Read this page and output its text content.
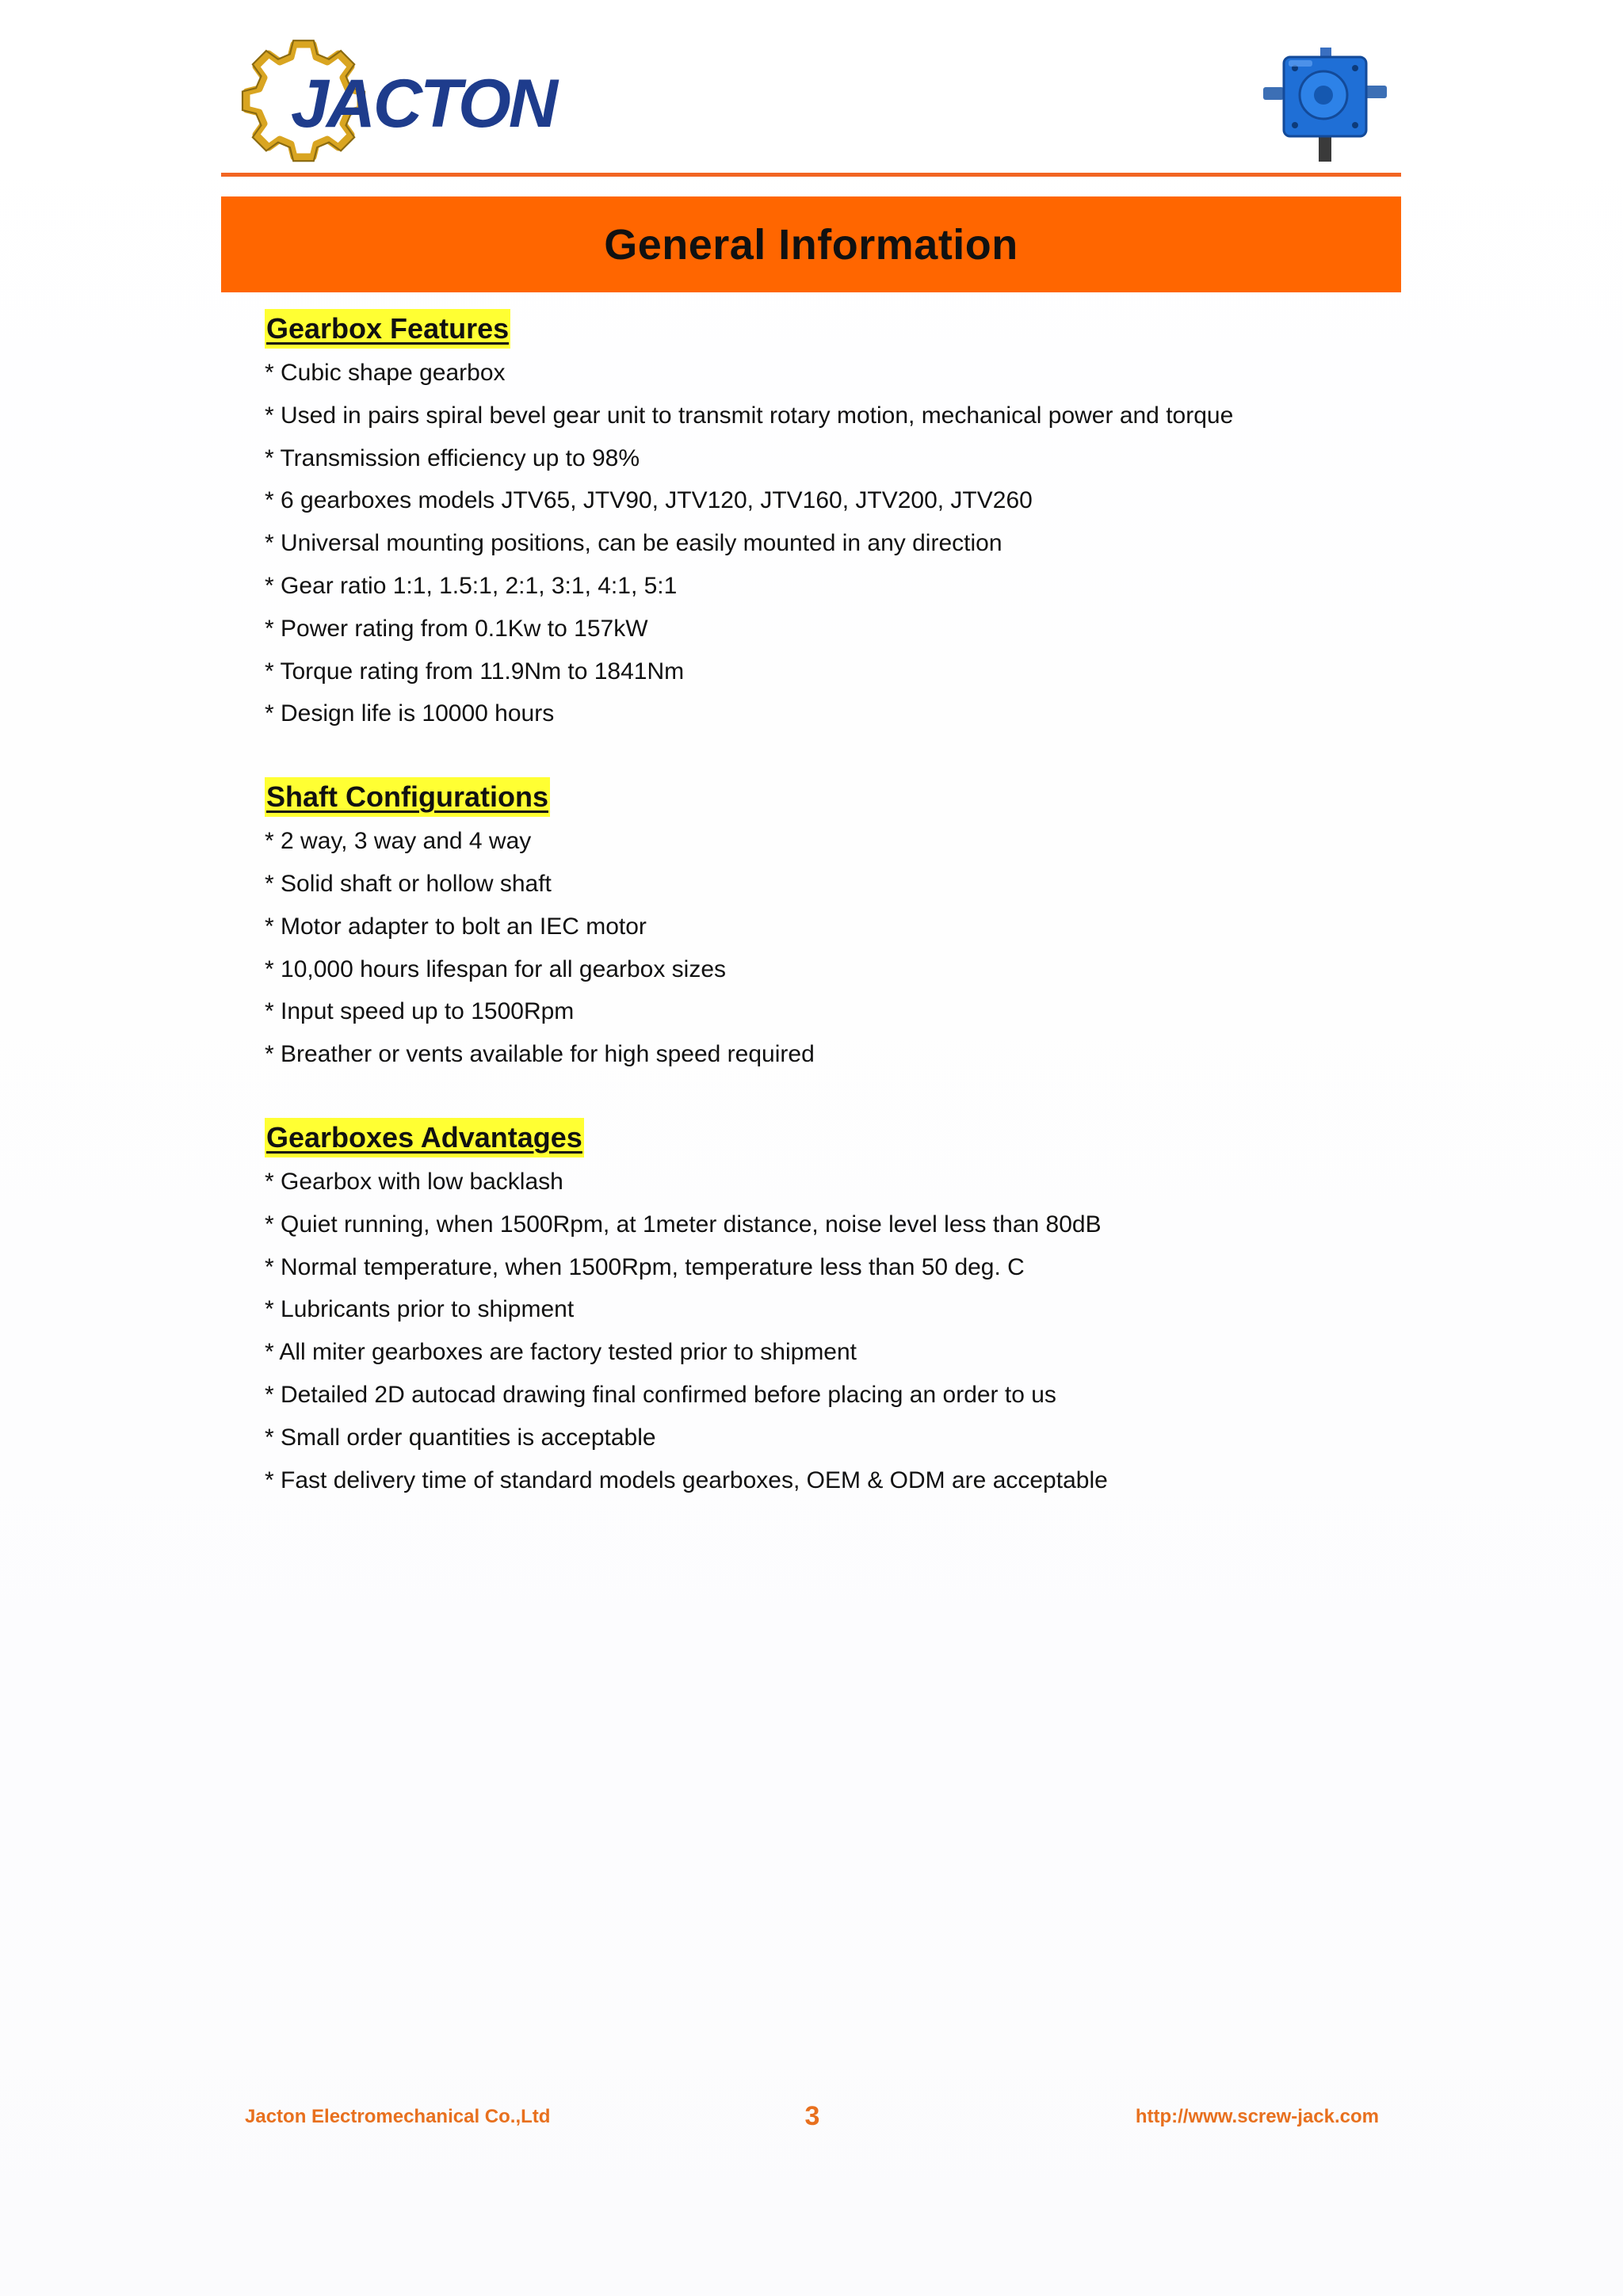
JACTON
General Information
Gearbox Features
* Cubic shape gearbox
* Used in pairs spiral bevel gear unit to transmit rotary motion, mechanical power and torque
* Transmission efficiency up to 98%
* 6 gearboxes models JTV65, JTV90, JTV120, JTV160, JTV200, JTV260
* Universal mounting positions, can be easily mounted in any direction
* Gear ratio 1:1, 1.5:1, 2:1, 3:1, 4:1, 5:1
* Power rating from 0.1Kw to 157kW
* Torque rating from 11.9Nm to 1841Nm
* Design life is 10000 hours
Shaft Configurations
* 2 way, 3 way and 4 way
* Solid shaft or hollow shaft
* Motor adapter to bolt an IEC motor
* 10,000 hours lifespan for all gearbox sizes
* Input speed up to 1500Rpm
* Breather or vents available for high speed required
Gearboxes Advantages
* Gearbox with low backlash
* Quiet running, when 1500Rpm, at 1meter distance, noise level less than 80dB
* Normal temperature, when 1500Rpm, temperature less than 50 deg. C
* Lubricants prior to shipment
* All miter gearboxes are factory tested prior to shipment
* Detailed 2D autocad drawing final confirmed before placing an order to us
* Small order quantities is acceptable
* Fast delivery time of standard models gearboxes, OEM & ODM are acceptable
Jacton Electromechanical Co.,Ltd	3	http://www.screw-jack.com
